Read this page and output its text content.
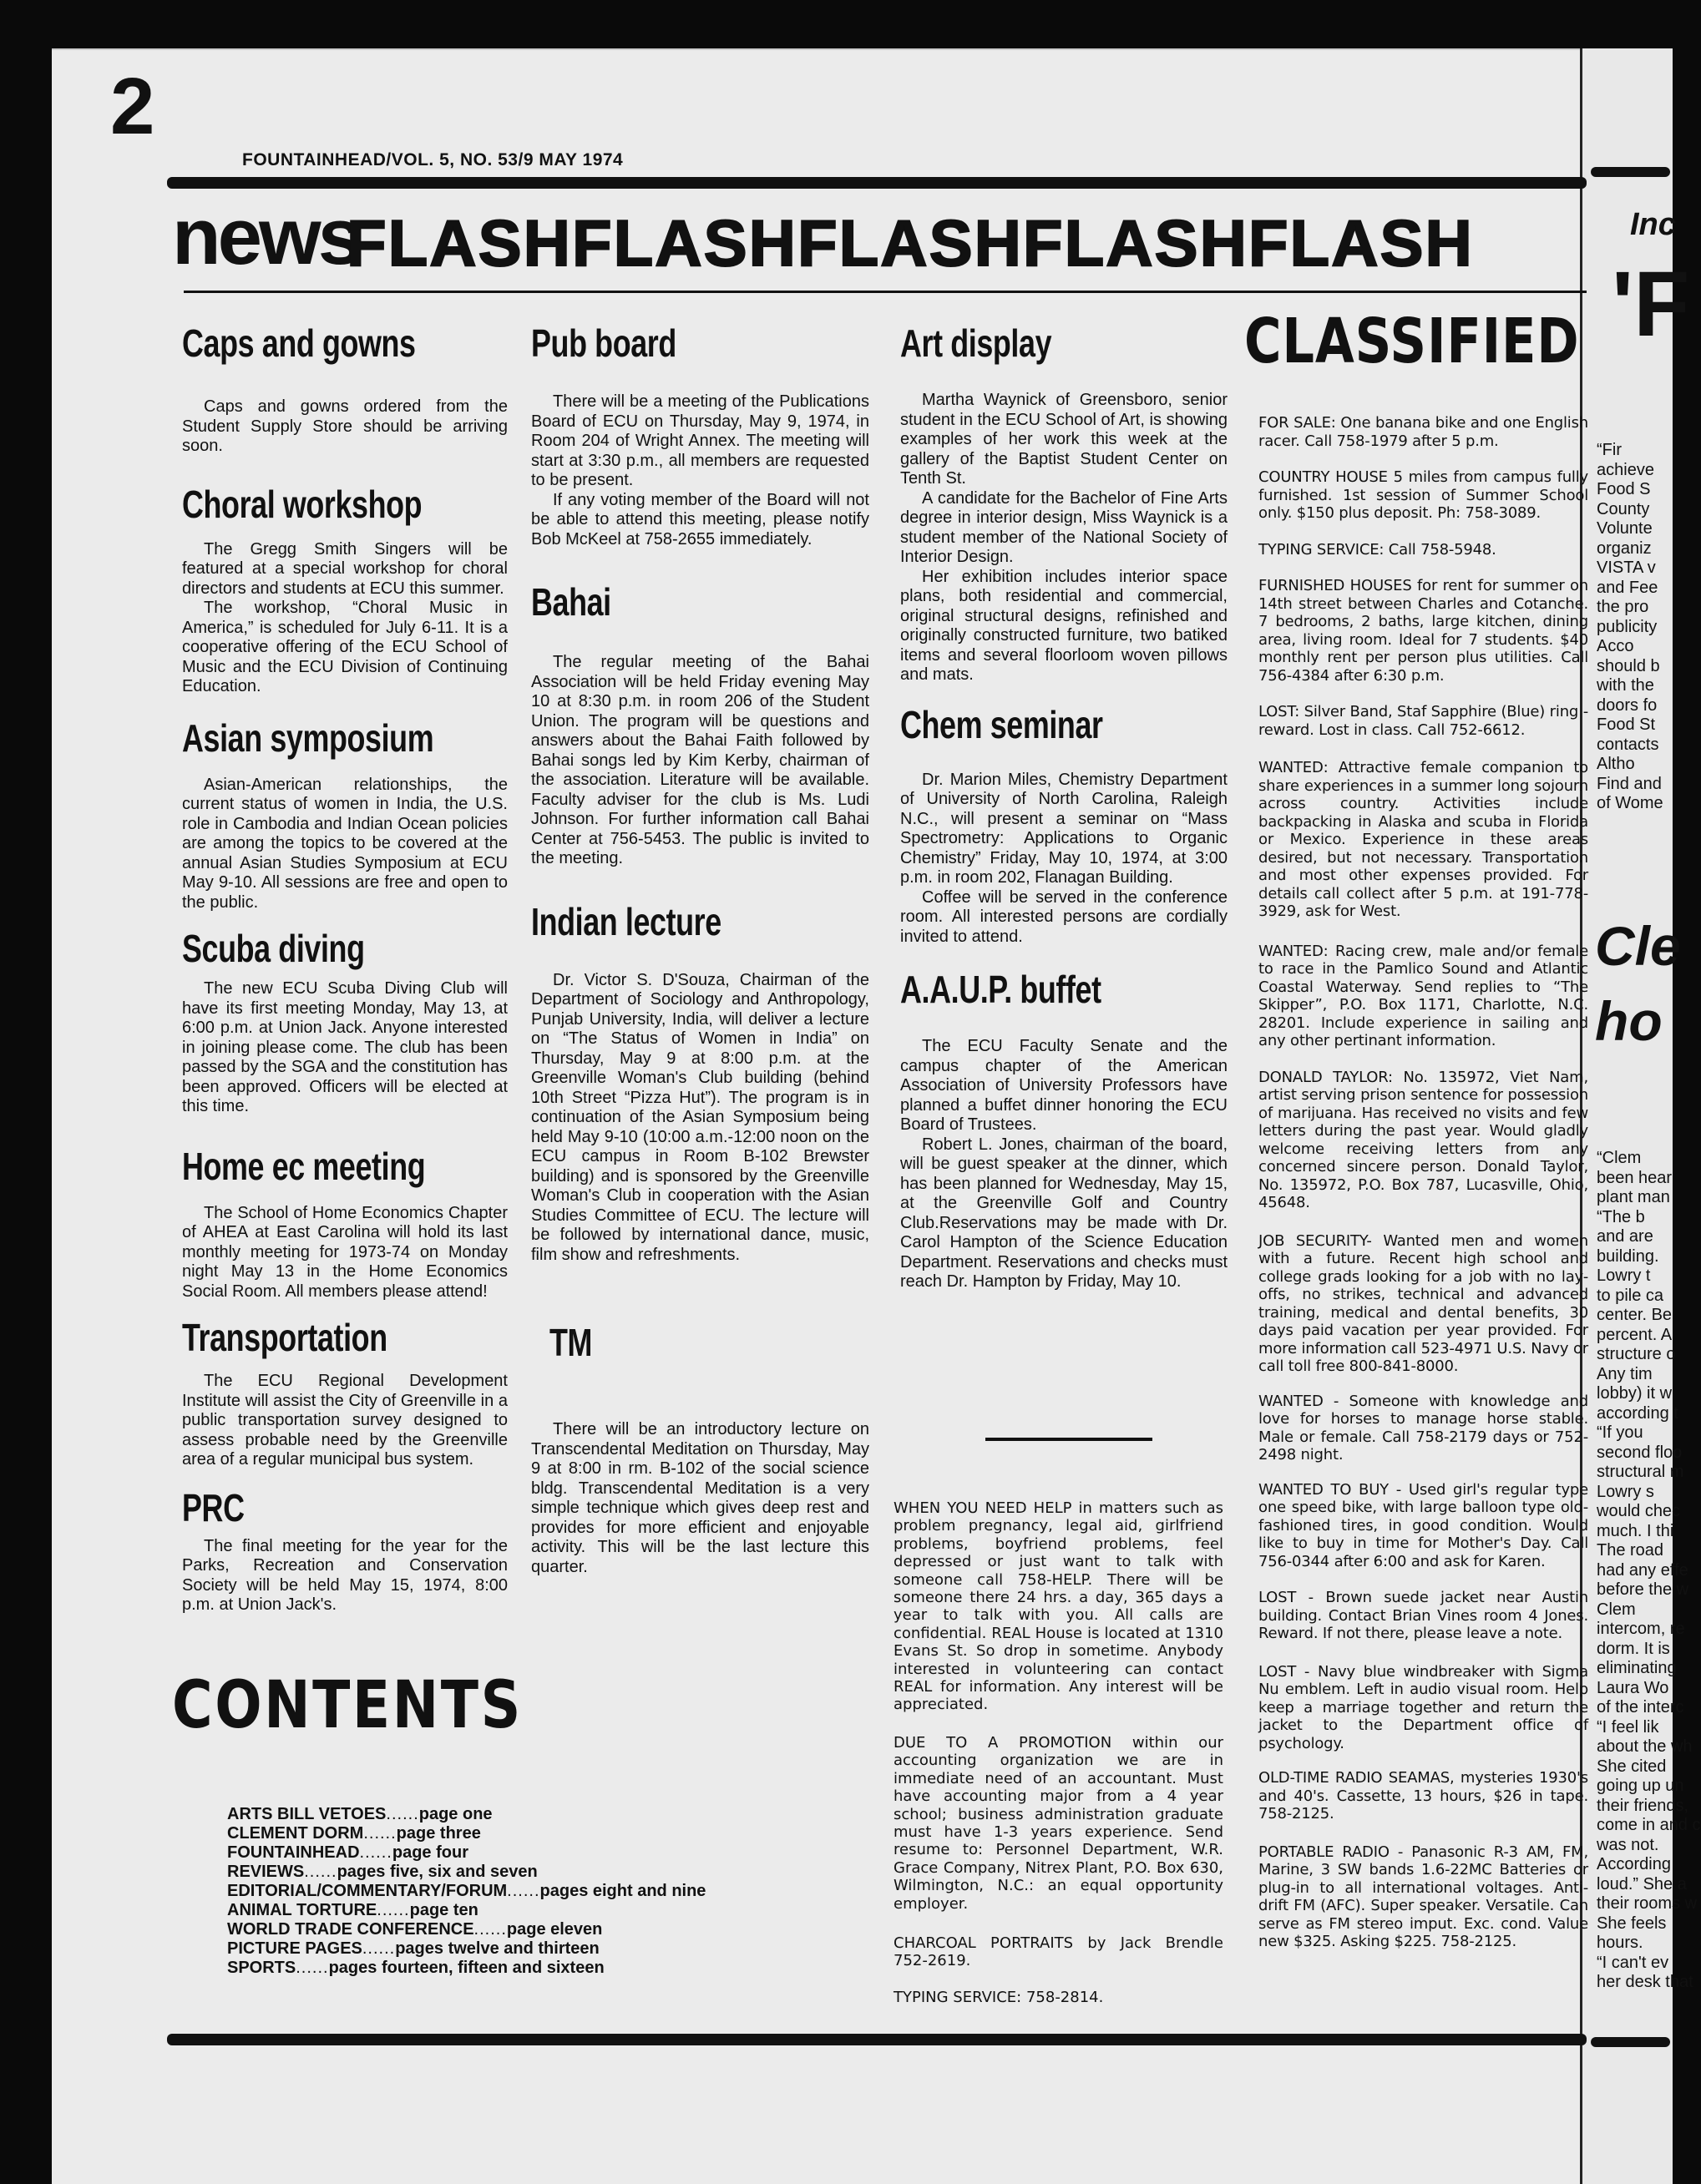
Inc
'F
Cle
ho
“Fir
achieve
Food S
County
Volunte
organiz
VISTA v
and Fee
the pro
publicity
Acco
should b
with the
doors fo
Food St
contacts
Altho
Find and
of Wome
“Clem
been hear
plant man
“The b
and are
building.
Lowry t
to pile ca
center. Be
percent. A
structure o
Any tim
lobby) it w
according t
“If you
second floo
structural m
Lowry s
would chec
much. I thi
The road
had any effe
before the w
Clem
intercom, re
dorm. It is
eliminating
Laura Wo
of the interc
“I feel lik
about the wh
She cited
going up un
their friends,
come in and c
was not.
According
loud.” She a
their rooms w
She feels
hours.
“I can't ev
her desk that
2
FOUNTAINHEAD/VOL. 5, NO. 53/9 MAY 1974
news
FLASHFLASHFLASHFLASHFLASH
Caps and gowns

Caps and gowns ordered from the Student Supply Store should be arriving soon.

Choral workshop

The Gregg Smith Singers will be featured at a special workshop for choral directors and students at ECU this summer.

The workshop, “Choral Music in America,” is scheduled for July 6-11. It is a cooperative offering of the ECU School of Music and the ECU Division of Continuing Education.

Asian symposium

Asian-American relationships, the current status of women in India, the U.S. role in Cambodia and Indian Ocean policies are among the topics to be covered at the annual Asian Studies Symposium at ECU May 9-10. All sessions are free and open to the public.

Scuba diving

The new ECU Scuba Diving Club will have its first meeting Monday, May 13, at 6:00 p.m. at Union Jack. Anyone interested in joining please come. The club has been passed by the SGA and the constitution has been approved. Officers will be elected at this time.

Home ec meeting

The School of Home Economics Chapter of AHEA at East Carolina will hold its last monthly meeting for 1973-74 on Monday night May 13 in the Home Economics Social Room. All members please attend!

Transportation

The ECU Regional Development Institute will assist the City of Greenville in a public transportation survey designed to assess probable need by the Greenville area of a regular municipal bus system.

PRC

The final meeting for the year for the Parks, Recreation and Conservation Society will be held May 15, 1974, 8:00 p.m. at Union Jack's.

Pub board

There will be a meeting of the Publications Board of ECU on Thursday, May 9, 1974, in Room 204 of Wright Annex. The meeting will start at 3:30 p.m., all members are requested to be present.

If any voting member of the Board will not be able to attend this meeting, please notify Bob McKeel at 758-2655 immediately.

Bahai

The regular meeting of the Bahai Association will be held Friday evening May 10 at 8:30 p.m. in room 206 of the Student Union. The program will be questions and answers about the Bahai Faith followed by Bahai songs led by Kim Kerby, chairman of the association. Literature will be available. Faculty adviser for the club is Ms. Ludi Johnson. For further information call Bahai Center at 756-5453. The public is invited to the meeting.

Indian lecture

Dr. Victor S. D'Souza, Chairman of the Department of Sociology and Anthropology, Punjab University, India, will deliver a lecture on “The Status of Women in India” on Thursday, May 9 at 8:00 p.m. at the Greenville Woman's Club building (behind 10th Street “Pizza Hut”). The program is in continuation of the Asian Symposium being held May 9-10 (10:00 a.m.-12:00 noon on the ECU campus in Room B-102 Brewster building) and is sponsored by the Greenville Woman's Club in cooperation with the Asian Studies Committee of ECU. The lecture will be followed by international dance, music, film show and refreshments.

TM

There will be an introductory lecture on Transcendental Meditation on Thursday, May 9 at 8:00 in rm. B-102 of the social science bldg. Transcendental Meditation is a very simple technique which gives deep rest and provides for more efficient and enjoyable activity. This will be the last lecture this quarter.

Art display

Martha Waynick of Greensboro, senior student in the ECU School of Art, is showing examples of her work this week at the gallery of the Baptist Student Center on Tenth St.

A candidate for the Bachelor of Fine Arts degree in interior design, Miss Waynick is a student member of the National Society of Interior Design.

Her exhibition includes interior space plans, both residential and commercial, original structural designs, refinished and originally constructed furniture, two batiked items and several floorloom woven pillows and mats.

Chem seminar

Dr. Marion Miles, Chemistry Department of University of North Carolina, Raleigh N.C., will present a seminar on “Mass Spectrometry: Applications to Organic Chemistry” Friday, May 10, 1974, at 3:00 p.m. in room 202, Flanagan Building.

Coffee will be served in the conference room. All interested persons are cordially invited to attend.

A.A.U.P. buffet

The ECU Faculty Senate and the campus chapter of the American Association of University Professors have planned a buffet dinner honoring the ECU Board of Trustees.

Robert L. Jones, chairman of the board, will be guest speaker at the dinner, which has been planned for Wednesday, May 15, at the Greenville Golf and Country Club.Reservations may be made with Dr. Carol Hampton of the Science Education Department. Reservations and checks must reach Dr. Hampton by Friday, May 10.

WHEN YOU NEED HELP in matters such as problem pregnancy, legal aid, girlfriend problems, boyfriend problems, feel depressed or just want to talk with someone call 758-HELP. There will be someone there 24 hrs. a day, 365 days a year to talk with you. All calls are confidential. REAL House is located at 1310 Evans St. So drop in sometime. Anybody interested in volunteering can contact REAL for information. Any interest will be appreciated.

DUE TO A PROMOTION within our accounting organization we are in immediate need of an accountant. Must have accounting major from a 4 year school; business administration graduate must have 1-3 years experience. Send resume to: Personnel Department, W.R. Grace Company, Nitrex Plant, P.O. Box 630, Wilmington, N.C.: an equal opportunity employer.

CHARCOAL PORTRAITS by Jack Brendle 752-2619.

TYPING SERVICE: 758-2814.

CLASSIFIED

FOR SALE: One banana bike and one English racer. Call 758-1979 after 5 p.m.

COUNTRY HOUSE 5 miles from campus fully furnished. 1st session of Summer School only. $150 plus deposit. Ph: 758-3089.

TYPING SERVICE: Call 758-5948.

FURNISHED HOUSES for rent for summer on 14th street between Charles and Cotanche. 7 bedrooms, 2 baths, large kitchen, dining area, living room. Ideal for 7 students. $40 monthly rent per person plus utilities. Call 756-4384 after 6:30 p.m.

LOST: Silver Band, Staf Sapphire (Blue) ring - reward. Lost in class. Call 752-6612.

WANTED: Attractive female companion to share experiences in a summer long sojourn across country. Activities include backpacking in Alaska and scuba in Florida or Mexico. Experience in these areas desired, but not necessary. Transportation and most other expenses provided. For details call collect after 5 p.m. at 191-778-3929, ask for West.

WANTED: Racing crew, male and/or female to race in the Pamlico Sound and Atlantic Coastal Waterway. Send replies to “The Skipper”, P.O. Box 1171, Charlotte, N.C. 28201. Include experience in sailing and any other pertinant information.

DONALD TAYLOR: No. 135972, Viet Nam, artist serving prison sentence for possession of marijuana. Has received no visits and few letters during the past year. Would gladly welcome receiving letters from any concerned sincere person. Donald Taylor, No. 135972, P.O. Box 787, Lucasville, Ohio, 45648.

JOB SECURITY- Wanted men and women with a future. Recent high school and college grads looking for a job with no lay-offs, no strikes, technical and advanced training, medical and dental benefits, 30 days paid vacation per year provided. For more information call 523-4971 U.S. Navy or call toll free 800-841-8000.

WANTED - Someone with knowledge and love for horses to manage horse stable. Male or female. Call 758-2179 days or 752-2498 night.

WANTED TO BUY - Used girl's regular type one speed bike, with large balloon type old-fashioned tires, in good condition. Would like to buy in time for Mother's Day. Call 756-0344 after 6:00 and ask for Karen.

LOST - Brown suede jacket near Austin building. Contact Brian Vines room 4 Jones. Reward. If not there, please leave a note.

LOST - Navy blue windbreaker with Sigma Nu emblem. Left in audio visual room. Help keep a marriage together and return the jacket to the Department office of psychology.

OLD-TIME RADIO SEAMAS, mysteries 1930's and 40's. Cassette, 13 hours, $26 in tape. 758-2125.

PORTABLE RADIO - Panasonic R-3 AM, FM, Marine, 3 SW bands 1.6-22MC Batteries or plug-in to all international voltages. Anti-drift FM (AFC). Super speaker. Versatile. Can serve as FM stereo imput. Exc. cond. Value new $325. Asking $225. 758-2125.

CONTENTS
ARTS BILL VETOES......page one
CLEMENT DORM......page three
FOUNTAINHEAD......page four
REVIEWS......pages five, six and seven
EDITORIAL/COMMENTARY/FORUM......pages eight and nine
ANIMAL TORTURE......page ten
WORLD TRADE CONFERENCE......page eleven
PICTURE PAGES......pages twelve and thirteen
SPORTS......pages fourteen, fifteen and sixteen
